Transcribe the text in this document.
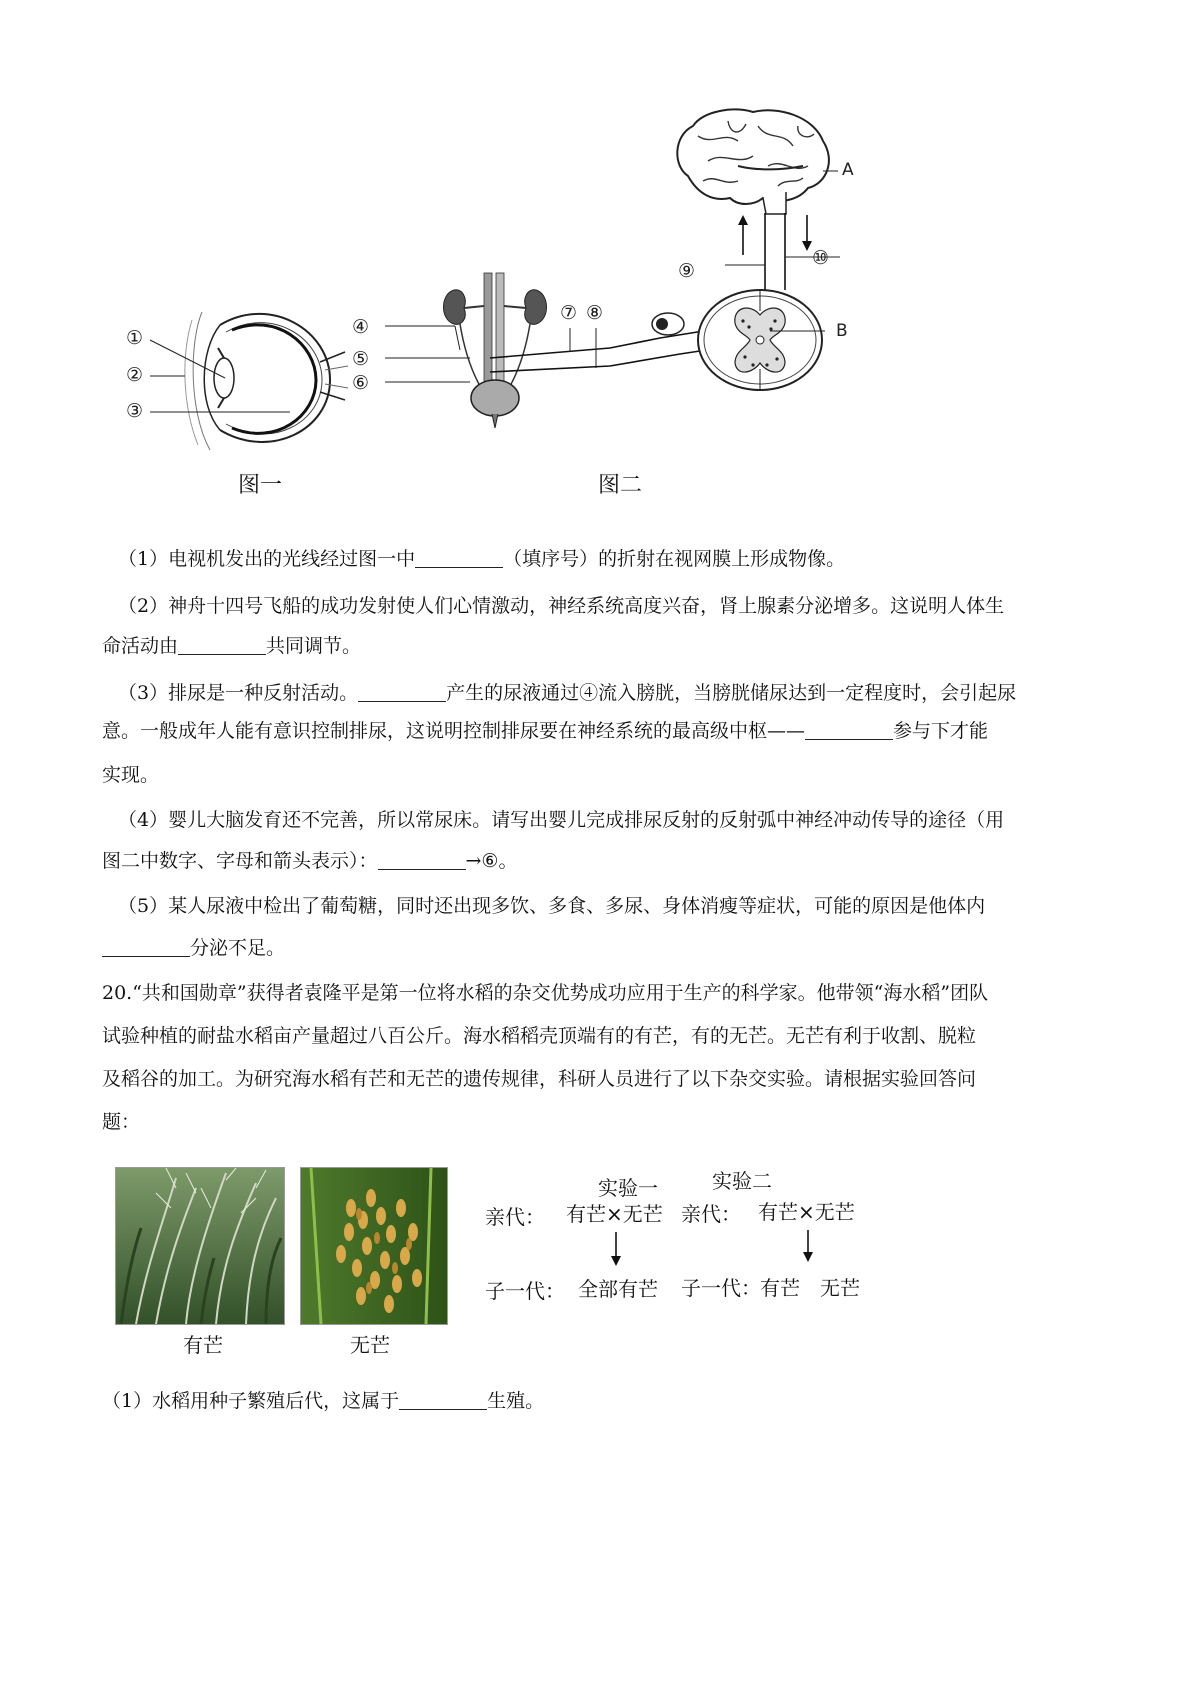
①
②
③
图一
A
B
④
⑤
⑥
⑦ ⑧
⑨
⑩
图二
（1）电视机发出的光线经过图一中	（填序号）的折射在视网膜上形成物像。
（2）神舟十四号飞船的成功发射使人们心情激动，神经系统高度兴奋，肾上腺素分泌增多。这说明人体生
命活动由	共同调节。
（3）排尿是一种反射活动。	产生的尿液通过④流入膀胱，当膀胱储尿达到一定程度时，会引起尿
意。一般成年人能有意识控制排尿，这说明控制排尿要在神经系统的最高级中枢——	参与下才能
实现。
（4）婴儿大脑发育还不完善，所以常尿床。请写出婴儿完成排尿反射的反射弧中神经冲动传导的途径（用
图二中数字、字母和箭头表示）：	→⑥。
（5）某人尿液中检出了葡萄糖，同时还出现多饮、多食、多尿、身体消瘦等症状，可能的原因是他体内
分泌不足。
20.“共和国勋章”获得者袁隆平是第一位将水稻的杂交优势成功应用于生产的科学家。他带领“海水稻”团队
试验种植的耐盐水稻亩产量超过八百公斤。海水稻稻壳顶端有的有芒，有的无芒。无芒有利于收割、脱粒
及稻谷的加工。为研究海水稻有芒和无芒的遗传规律，科研人员进行了以下杂交实验。请根据实验回答问
题：
有芒	无芒
实验一	实验二
亲代： 有芒×无芒 亲代： 有芒×无芒
子一代： 全部有芒 子一代： 有芒 无芒
（1）水稻用种子繁殖后代，这属于	生殖。
